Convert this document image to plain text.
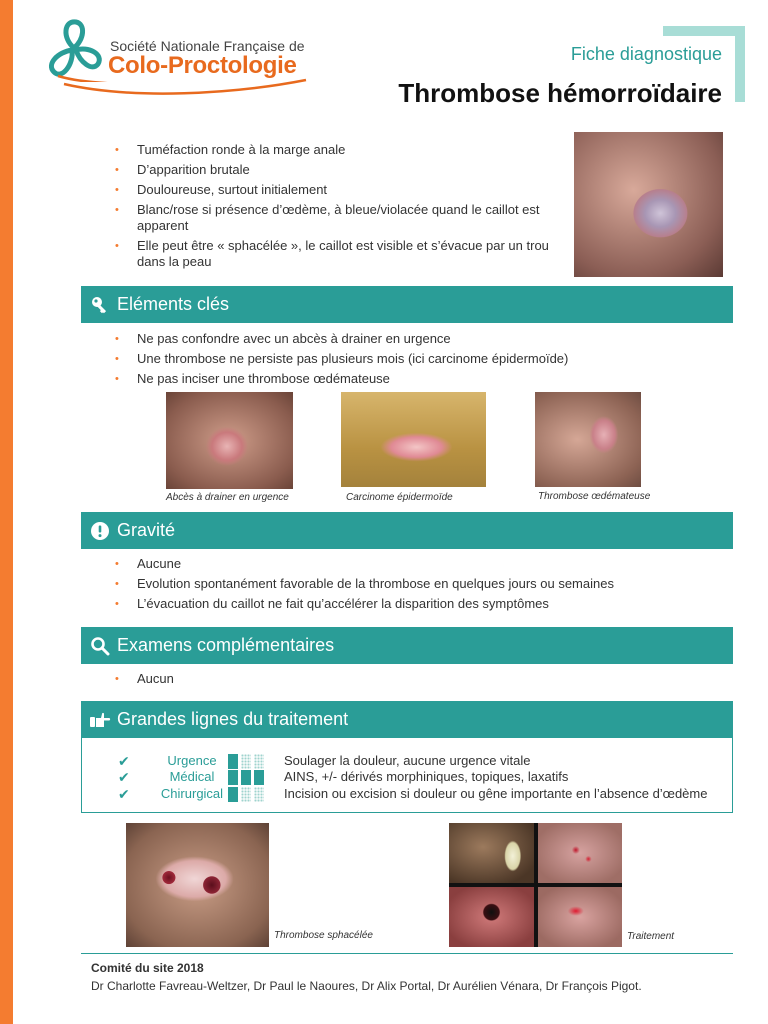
Société Nationale Française de
Colo-Proctologie	Fiche diagnostique
Thrombose hémorroïdaire
• Tuméfaction ronde à la marge anale
• D’apparition brutale
• Douloureuse, surtout initialement
• Blanc/rose si présence d’œdème, à bleue/violacée quand le caillot est apparent
• Elle peut être « sphacélée », le caillot est visible et s’évacue par un trou dans la peau
Eléments clés
• Ne pas confondre avec un abcès à drainer en urgence
• Une thrombose ne persiste pas plusieurs mois (ici carcinome épidermoïde)
• Ne pas inciser une thrombose œdémateuse
Abcès à drainer en urgence	Carcinome épidermoïde	Thrombose œdémateuse
Gravité
• Aucune
• Evolution spontanément favorable de la thrombose en quelques jours ou semaines
• L’évacuation du caillot ne fait qu’accélérer la disparition des symptômes
Examens complémentaires
• Aucun
Grandes lignes du traitement
✔	Urgence	Soulager la douleur, aucune urgence vitale
✔	Médical	AINS, +/- dérivés morphiniques, topiques, laxatifs
✔	Chirurgical	Incision ou excision si douleur ou gêne importante en l’absence d’œdème
Thrombose sphacélée	Traitement
Comité du site 2018
Dr Charlotte Favreau-Weltzer, Dr Paul le Naoures, Dr Alix Portal, Dr Aurélien Vénara, Dr François Pigot.
